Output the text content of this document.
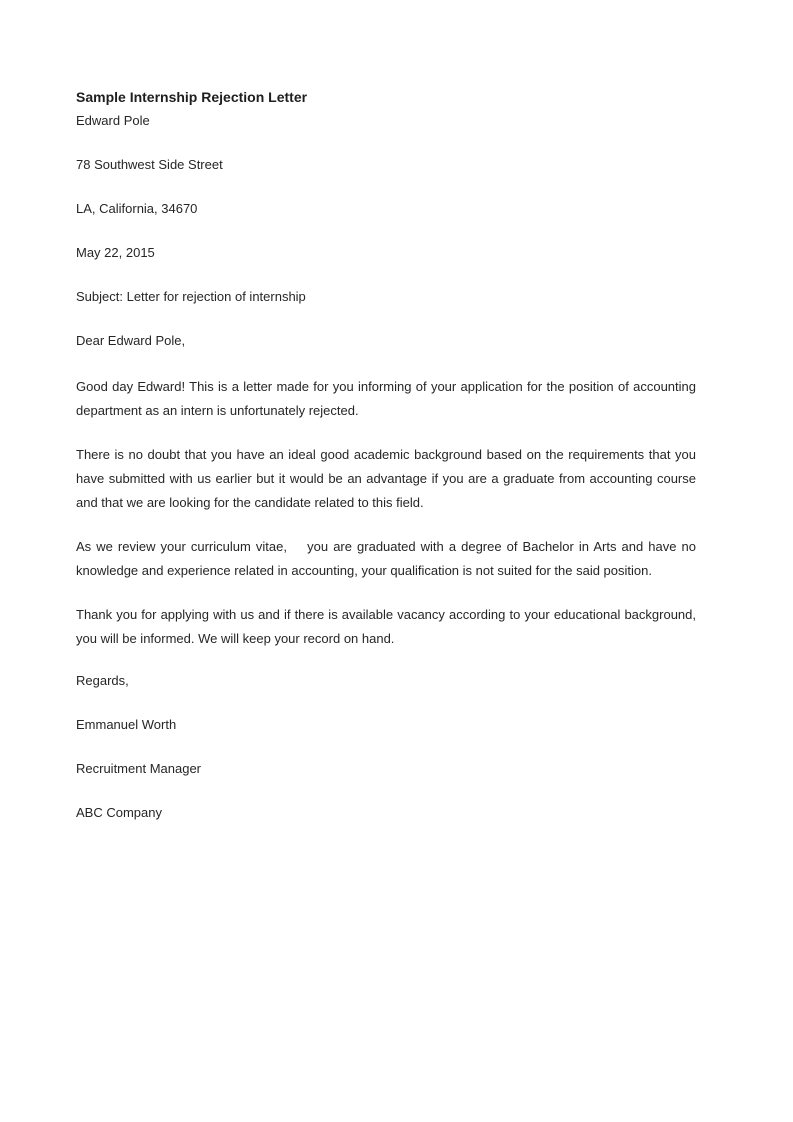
Sample Internship Rejection Letter
Edward Pole
78 Southwest Side Street
LA, California, 34670
May 22, 2015
Subject: Letter for rejection of internship
Dear Edward Pole,
Good day Edward! This is a letter made for you informing of your application for the position of accounting department as an intern is unfortunately rejected.
There is no doubt that you have an ideal good academic background based on the requirements that you have submitted with us earlier but it would be an advantage if you are a graduate from accounting course and that we are looking for the candidate related to this field.
As we review your curriculum vitae,    you are graduated with a degree of Bachelor in Arts and have no knowledge and experience related in accounting, your qualification is not suited for the said position.
Thank you for applying with us and if there is available vacancy according to your educational background, you will be informed. We will keep your record on hand.
Regards,
Emmanuel Worth
Recruitment Manager
ABC Company
